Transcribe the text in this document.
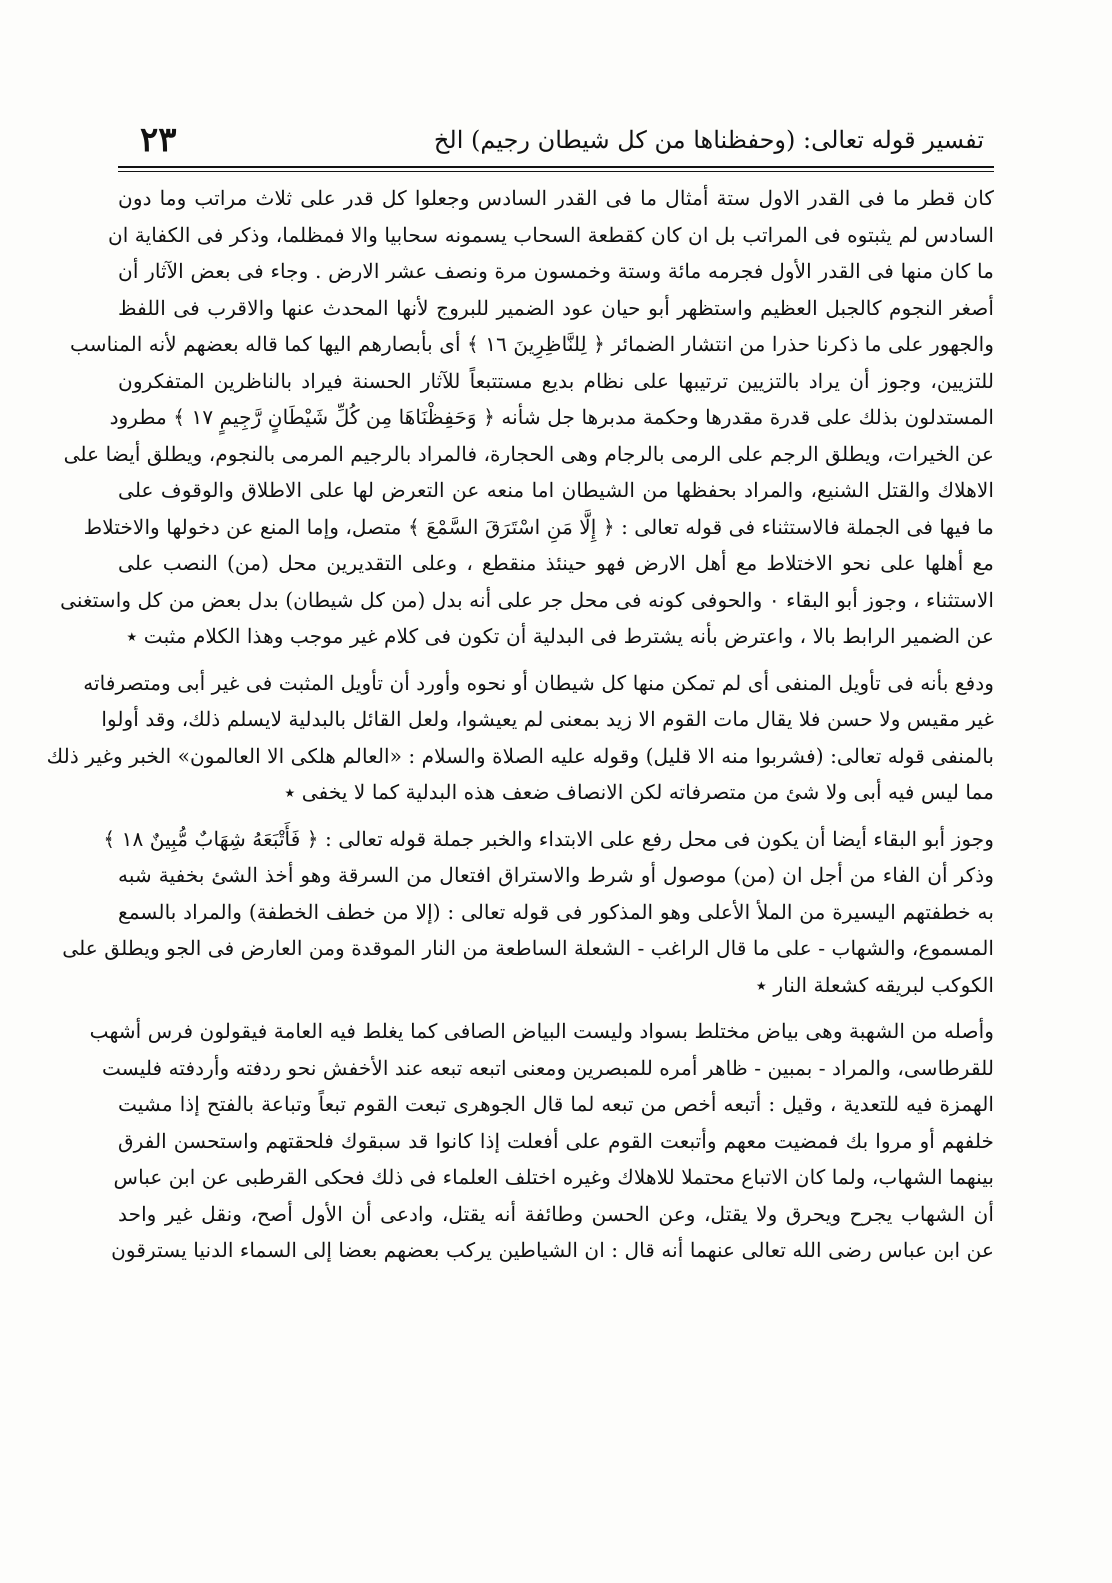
٢٣	تفسير قوله تعالى: (وحفظناها من كل شيطان رجيم) الخ
كان قطر ما فى القدر الاول ستة أمثال ما فى القدر السادس وجعلوا كل قدر على ثلاث مراتب وما دون
السادس لم يثبتوه فى المراتب بل ان كان كقطعة السحاب يسمونه سحابيا والا فمظلما، وذكر فى الكفاية ان
ما كان منها فى القدر الأول فجرمه مائة وستة وخمسون مرة ونصف عشر الارض . وجاء فى بعض الآثار أن
أصغر النجوم كالجبل العظيم واستظهر أبو حيان عود الضمير للبروج لأنها المحدث عنها والاقرب فى اللفظ
والجهور على ما ذكرنا حذرا من انتشار الضمائر ﴿ لِلنَّاظِرِينَ ١٦ ﴾ أى بأبصارهم اليها كما قاله بعضهم لأنه المناسب
للتزيين، وجوز أن يراد بالتزيين ترتيبها على نظام بديع مستتبعاً للآثار الحسنة فيراد بالناظرين المتفكرون
المستدلون بذلك على قدرة مقدرها وحكمة مدبرها جل شأنه ﴿ وَحَفِظْنَاهَا مِن كُلِّ شَيْطَانٍ رَّجِيمٍ ١٧ ﴾ مطرود
عن الخيرات، ويطلق الرجم على الرمى بالرجام وهى الحجارة، فالمراد بالرجيم المرمى بالنجوم، ويطلق أيضا على
الاهلاك والقتل الشنيع، والمراد بحفظها من الشيطان اما منعه عن التعرض لها على الاطلاق والوقوف على
ما فيها فى الجملة فالاستثناء فى قوله تعالى : ﴿ إِلَّا مَنِ اسْتَرَقَ السَّمْعَ ﴾ متصل، وإما المنع عن دخولها والاختلاط
مع أهلها على نحو الاختلاط مع أهل الارض فهو حينئذ منقطع ، وعلى التقديرين محل (من) النصب على
الاستثناء ، وجوز أبو البقاء ٠ والحوفى كونه فى محل جر على أنه بدل (من كل شيطان) بدل بعض من كل واستغنى
عن الضمير الرابط بالا ، واعترض بأنه يشترط فى البدلية أن تكون فى كلام غير موجب وهذا الكلام مثبت ٭
ودفع بأنه فى تأويل المنفى أى لم تمكن منها كل شيطان أو نحوه وأورد أن تأويل المثبت فى غير أبى ومتصرفاته
غير مقيس ولا حسن فلا يقال مات القوم الا زيد بمعنى لم يعيشوا، ولعل القائل بالبدلية لايسلم ذلك، وقد أولوا
بالمنفى قوله تعالى: (فشربوا منه الا قليل) وقوله عليه الصلاة والسلام : «العالم هلكى الا العالمون» الخبر وغير ذلك
مما ليس فيه أبى ولا شئ من متصرفاته لكن الانصاف ضعف هذه البدلية كما لا يخفى ٭
وجوز أبو البقاء أيضا أن يكون فى محل رفع على الابتداء والخبر جملة قوله تعالى : ﴿ فَأَتْبَعَهُ شِهَابٌ مُّبِينٌ ١٨ ﴾
وذكر أن الفاء من أجل ان (من) موصول أو شرط والاستراق افتعال من السرقة وهو أخذ الشئ بخفية شبه
به خطفتهم اليسيرة من الملأ الأعلى وهو المذكور فى قوله تعالى : (إلا من خطف الخطفة) والمراد بالسمع
المسموع، والشهاب - على ما قال الراغب - الشعلة الساطعة من النار الموقدة ومن العارض فى الجو ويطلق على
الكوكب لبريقه كشعلة النار ٭
وأصله من الشهبة وهى بياض مختلط بسواد وليست البياض الصافى كما يغلط فيه العامة فيقولون فرس أشهب
للقرطاسى، والمراد - بمبين - ظاهر أمره للمبصرين ومعنى اتبعه تبعه عند الأخفش نحو ردفته وأردفته فليست
الهمزة فيه للتعدية ، وقيل : أتبعه أخص من تبعه لما قال الجوهرى تبعت القوم تبعاً وتباعة بالفتح إذا مشيت
خلفهم أو مروا بك فمضيت معهم وأتبعت القوم على أفعلت إذا كانوا قد سبقوك فلحقتهم واستحسن الفرق
بينهما الشهاب، ولما كان الاتباع محتملا للاهلاك وغيره اختلف العلماء فى ذلك فحكى القرطبى عن ابن عباس
أن الشهاب يجرح ويحرق ولا يقتل، وعن الحسن وطائفة أنه يقتل، وادعى أن الأول أصح، ونقل غير واحد
عن ابن عباس رضى الله تعالى عنهما أنه قال : ان الشياطين يركب بعضهم بعضا إلى السماء الدنيا يسترقون
